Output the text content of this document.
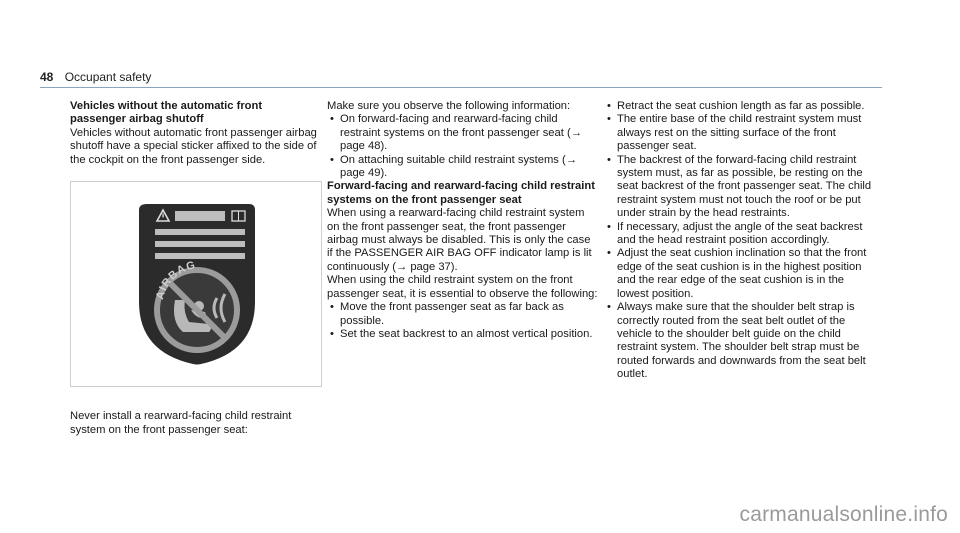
48 Occupant safety

Vehicles without the automatic front

passenger airbag shutoff

Vehicles without automatic front passenger airbag shutoff have a special sticker affixed to the side of the cockpit on the front passenger side.

AIRBAG

Never install a rearward-facing child restraint system on the front passenger seat:

Make sure you observe the following information:

• On forward-facing and rearward-facing child restraint systems on the front passenger seat (→ page 48).
• On attaching suitable child restraint systems (→ page 49).

Forward-facing and rearward-facing child restraint systems on the front passenger seat

When using a rearward-facing child restraint system on the front passenger seat, the front passenger airbag must always be disabled. This is only the case if the PASSENGER AIR BAG OFF indicator lamp is lit continuously (→ page 37).

When using the child restraint system on the front passenger seat, it is essential to observe the following:

• Move the front passenger seat as far back as possible.
• Set the seat backrest to an almost vertical position.
• Retract the seat cushion length as far as possible.
• The entire base of the child restraint system must always rest on the sitting surface of the front passenger seat.
• The backrest of the forward-facing child restraint system must, as far as possible, be resting on the seat backrest of the front passenger seat. The child restraint system must not touch the roof or be put under strain by the head restraints.
• If necessary, adjust the angle of the seat backrest and the head restraint position accordingly.
• Adjust the seat cushion inclination so that the front edge of the seat cushion is in the highest position and the rear edge of the seat cushion is in the lowest position.
• Always make sure that the shoulder belt strap is correctly routed from the seat belt outlet of the vehicle to the shoulder belt guide on the child restraint system. The shoulder belt strap must be routed forwards and downwards from the seat belt outlet.
carmanualsonline.info
